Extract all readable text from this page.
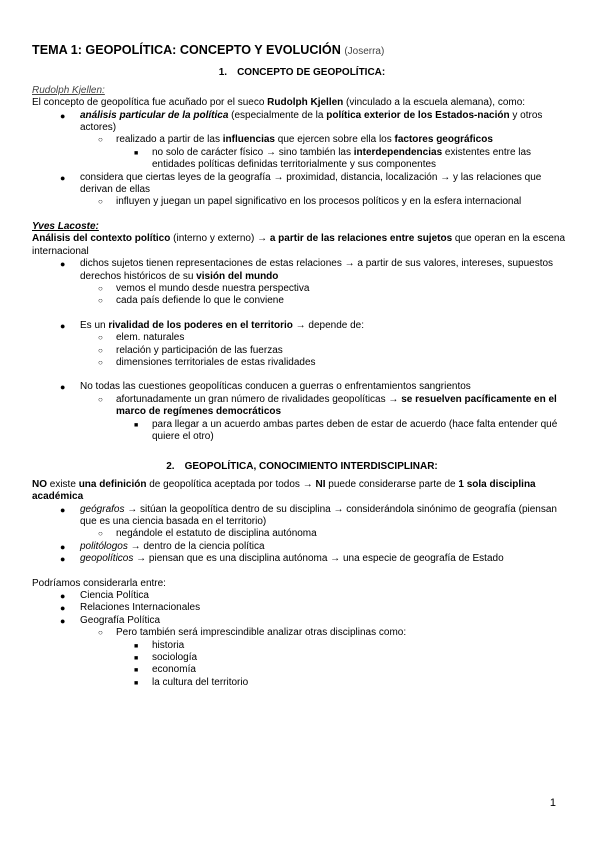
TEMA 1: GEOPOLÍTICA: CONCEPTO Y EVOLUCIÓN (Joserra)
1. CONCEPTO DE GEOPOLÍTICA:

Rudolph Kjellen:

El concepto de geopolítica fue acuñado por el sueco Rudolph Kjellen (vinculado a la escuela alemana), como:

● análisis particular de la política (especialmente de la política exterior de los Estados-nación y otros actores)
○ realizado a partir de las influencias que ejercen sobre ella los factores geográficos
■ no solo de carácter físico → sino también las interdependencias existentes entre las entidades políticas definidas territorialmente y sus componentes
● considera que ciertas leyes de la geografía → proximidad, distancia, localización → y las relaciones que derivan de ellas
○ influyen y juegan un papel significativo en los procesos políticos y en la esfera internacional

Yves Lacoste:

Análisis del contexto político (interno y externo) → a partir de las relaciones entre sujetos que operan en la escena internacional

● dichos sujetos tienen representaciones de estas relaciones → a partir de sus valores, intereses, supuestos derechos históricos de su visión del mundo
○ vemos el mundo desde nuestra perspectiva
○ cada país defiende lo que le conviene
● Es un rivalidad de los poderes en el territorio → depende de:
○ elem. naturales
○ relación y participación de las fuerzas
○ dimensiones territoriales de estas rivalidades
● No todas las cuestiones geopolíticas conducen a guerras o enfrentamientos sangrientos
○ afortunadamente un gran número de rivalidades geopolíticas → se resuelven pacíficamente en el marco de regímenes democráticos
■ para llegar a un acuerdo ambas partes deben de estar de acuerdo (hace falta entender qué quiere el otro)
2. GEOPOLÍTICA, CONOCIMIENTO INTERDISCIPLINAR:

NO existe una definición de geopolítica aceptada por todos → NI puede considerarse parte de 1 sola disciplina académica

● geógrafos → sitúan la geopolítica dentro de su disciplina → considerándola sinónimo de geografía (piensan que es una ciencia basada en el territorio)
○ negándole el estatuto de disciplina autónoma
● politólogos → dentro de la ciencia política
● geopolíticos → piensan que es una disciplina autónoma → una especie de geografía de Estado

Podríamos considerarla entre:

● Ciencia Política
● Relaciones Internacionales
● Geografía Política
○ Pero también será imprescindible analizar otras disciplinas como:
■ historia
■ sociología
■ economía
■ la cultura del territorio
1
